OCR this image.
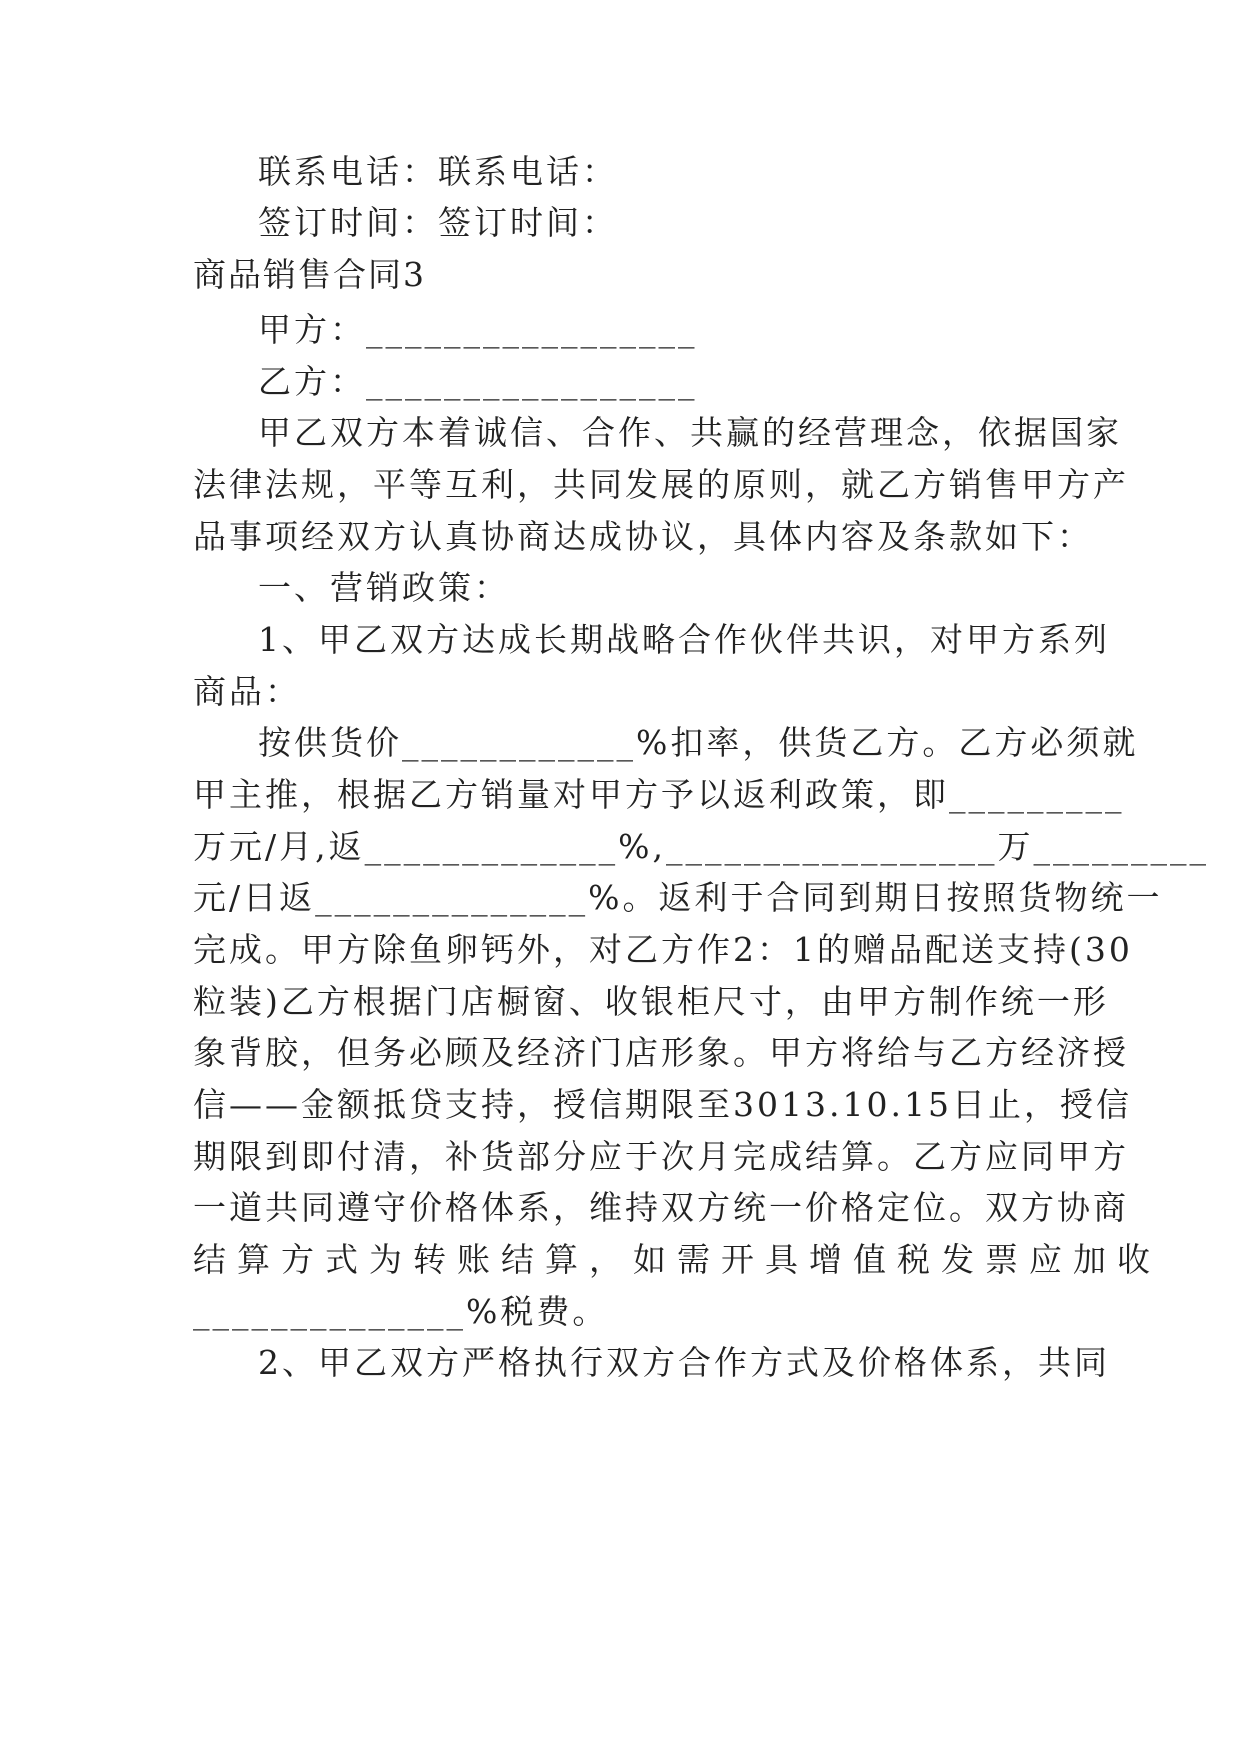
联系电话：联系电话：
签订时间：签订时间：
商品销售合同3
甲方：_________________
乙方：_________________
甲乙双方本着诚信、合作、共赢的经营理念，依据国家
法律法规，平等互利，共同发展的原则，就乙方销售甲方产
品事项经双方认真协商达成协议，具体内容及条款如下：
一、营销政策：
1、甲乙双方达成长期战略合作伙伴共识，对甲方系列
商品：
按供货价____________%扣率，供货乙方。乙方必须就
甲主推，根据乙方销量对甲方予以返利政策，即_________
万元/月,返_____________%,_________________万_________
元/日返______________%。返利于合同到期日按照货物统一
完成。甲方除鱼卵钙外，对乙方作2：1的赠品配送支持(30
粒装)乙方根据门店橱窗、收银柜尺寸，由甲方制作统一形
象背胶，但务必顾及经济门店形象。甲方将给与乙方经济授
信——金额抵贷支持，授信期限至3013.10.15日止，授信
期限到即付清，补货部分应于次月完成结算。乙方应同甲方
一道共同遵守价格体系，维持双方统一价格定位。双方协商
结算方式为转账结算，如需开具增值税发票应加收
______________%税费。
2、甲乙双方严格执行双方合作方式及价格体系，共同
